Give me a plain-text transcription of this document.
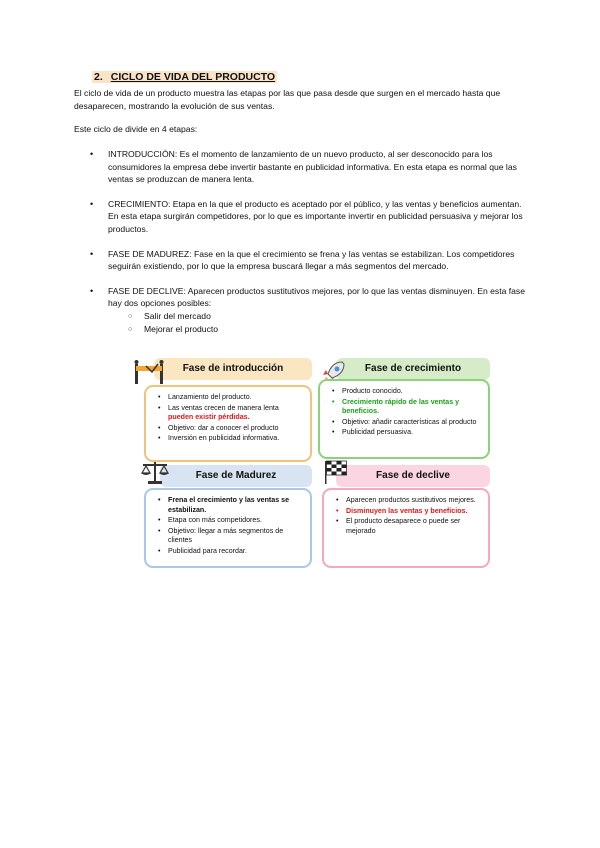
2. CICLO DE VIDA DEL PRODUCTO
El ciclo de vida de un producto muestra las etapas por las que pasa desde que surgen en el mercado hasta que desaparecen, mostrando la evolución de sus ventas.
Este ciclo de divide en 4 etapas:
• INTRODUCCIÓN: Es el momento de lanzamiento de un nuevo producto, al ser desconocido para los consumidores la empresa debe invertir bastante en publicidad informativa. En esta etapa es normal que las ventas se produzcan de manera lenta.
• CRECIMIENTO: Etapa en la que el producto es aceptado por el público, y las ventas y beneficios aumentan. En esta etapa surgirán competidores, por lo que es importante invertir en publicidad persuasiva y mejorar los productos.
• FASE DE MADUREZ: Fase en la que el crecimiento se frena y las ventas se estabilizan. Los competidores seguirán existiendo, por lo que la empresa buscará llegar a más segmentos del mercado.
• FASE DE DECLIVE: Aparecen productos sustitutivos mejores, por lo que las ventas disminuyen. En esta fase hay dos opciones posibles:
○ Salir del mercado
○ Mejorar el producto
Fase de introducción
• Lanzamiento del producto.
• Las ventas crecen de manera lenta
pueden existir pérdidas.
• Objetivo: dar a conocer el producto
• Inversión en publicidad informativa.
Fase de crecimiento
• Producto conocido.
• Crecimiento rápido de las ventas y beneficios.
• Objetivo: añadir características al producto
• Publicidad persuasiva.
Fase de Madurez
• Frena el crecimiento y las ventas se estabilizan.
• Etapa con más competidores.
• Objetivo: llegar a más segmentos de clientes
• Publicidad para recordar.
Fase de declive
• Aparecen productos sustitutivos mejores.
• Disminuyen las ventas y beneficios.
• El producto desaparece o puede ser mejorado
